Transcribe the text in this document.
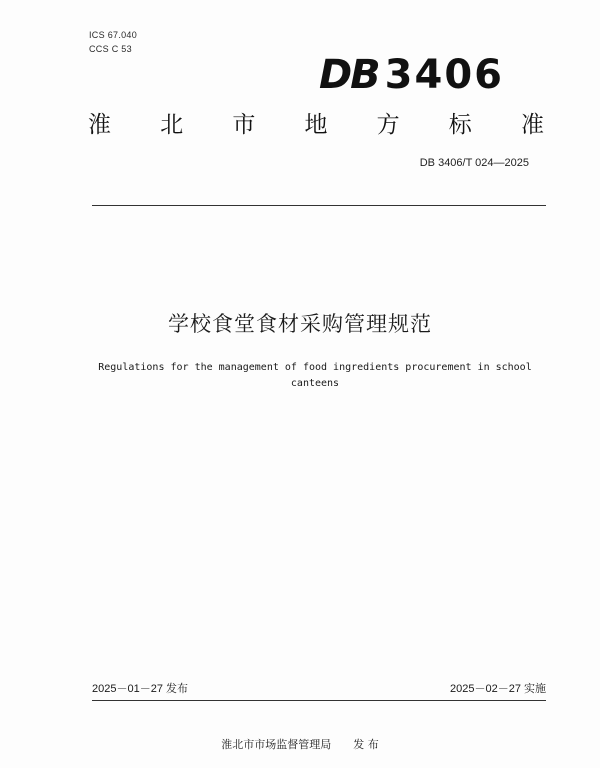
ICS 67.040
CCS C 53
DB 3406
淮 北 市 地 方 标 准
DB 3406/T 024—2025
学校食堂食材采购管理规范
Regulations for the management of food ingredients procurement in school
canteens
2025－01－27 发布	2025－02－27 实施
淮北市市场监督管理局 发 布
